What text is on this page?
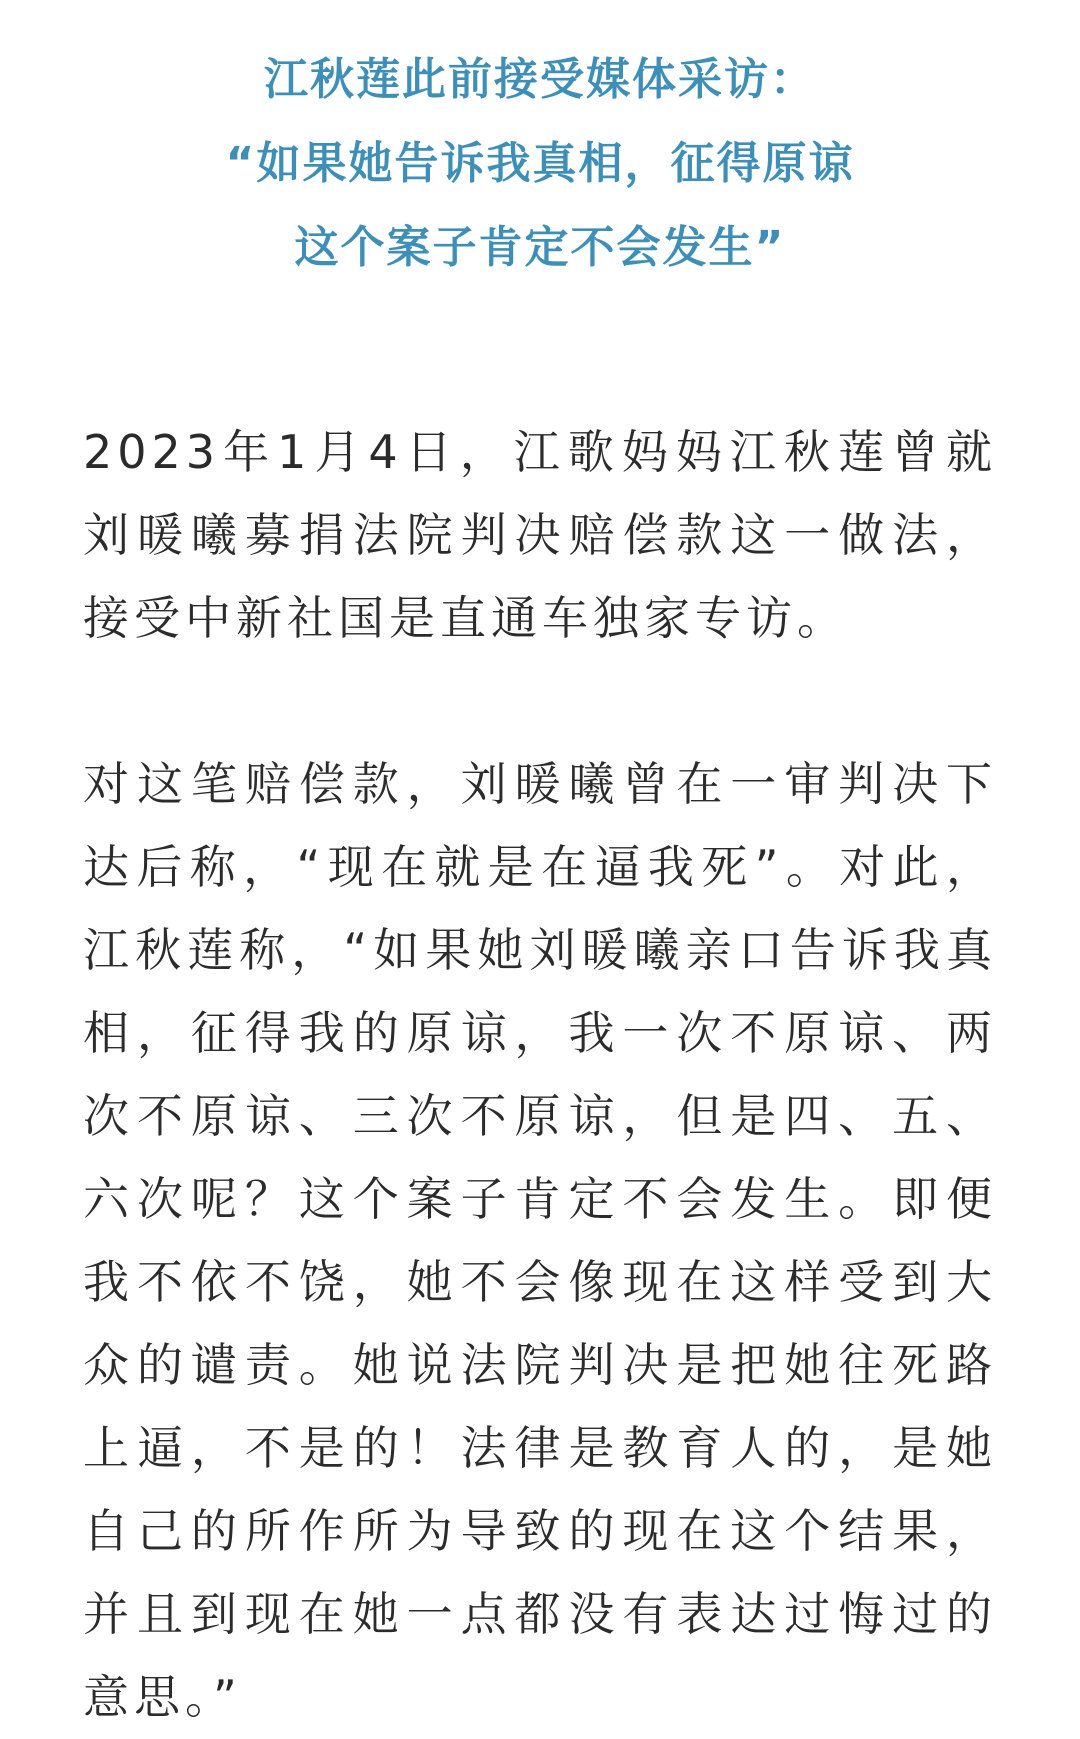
江秋莲此前接受媒体采访：
“如果她告诉我真相，征得原谅
这个案子肯定不会发生”

2023年1月4日，江歌妈妈江秋莲曾就刘暖曦募捐法院判决赔偿款这一做法，接受中新社国是直通车独家专访。

对这笔赔偿款，刘暖曦曾在一审判决下达后称，“现在就是在逼我死”。对此，江秋莲称，“如果她刘暖曦亲口告诉我真相，征得我的原谅，我一次不原谅、两次不原谅、三次不原谅，但是四、五、六次呢？这个案子肯定不会发生。即便我不依不饶，她不会像现在这样受到大众的谴责。她说法院判决是把她往死路上逼，不是的！法律是教育人的，是她自己的所作所为导致的现在这个结果，并且到现在她一点都没有表达过悔过的意思。”
